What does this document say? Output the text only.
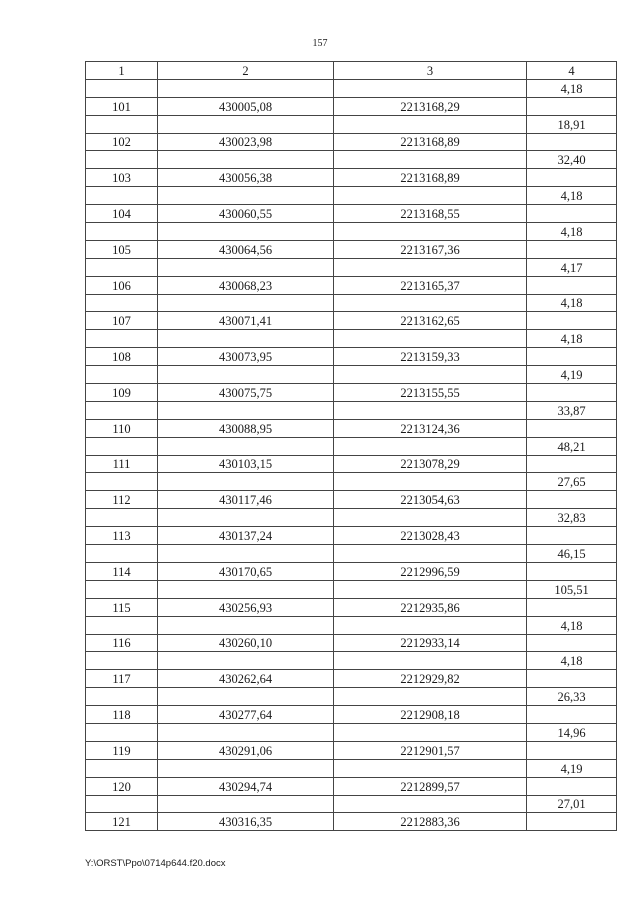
157
1	2	3	4
			4,18
101	430005,08	2213168,29	
			18,91
102	430023,98	2213168,89	
			32,40
103	430056,38	2213168,89	
			4,18
104	430060,55	2213168,55	
			4,18
105	430064,56	2213167,36	
			4,17
106	430068,23	2213165,37	
			4,18
107	430071,41	2213162,65	
			4,18
108	430073,95	2213159,33	
			4,19
109	430075,75	2213155,55	
			33,87
110	430088,95	2213124,36	
			48,21
111	430103,15	2213078,29	
			27,65
112	430117,46	2213054,63	
			32,83
113	430137,24	2213028,43	
			46,15
114	430170,65	2212996,59	
			105,51
115	430256,93	2212935,86	
			4,18
116	430260,10	2212933,14	
			4,18
117	430262,64	2212929,82	
			26,33
118	430277,64	2212908,18	
			14,96
119	430291,06	2212901,57	
			4,19
120	430294,74	2212899,57	
			27,01
121	430316,35	2212883,36	
Y:\ORST\Ppo\0714p644.f20.docx
